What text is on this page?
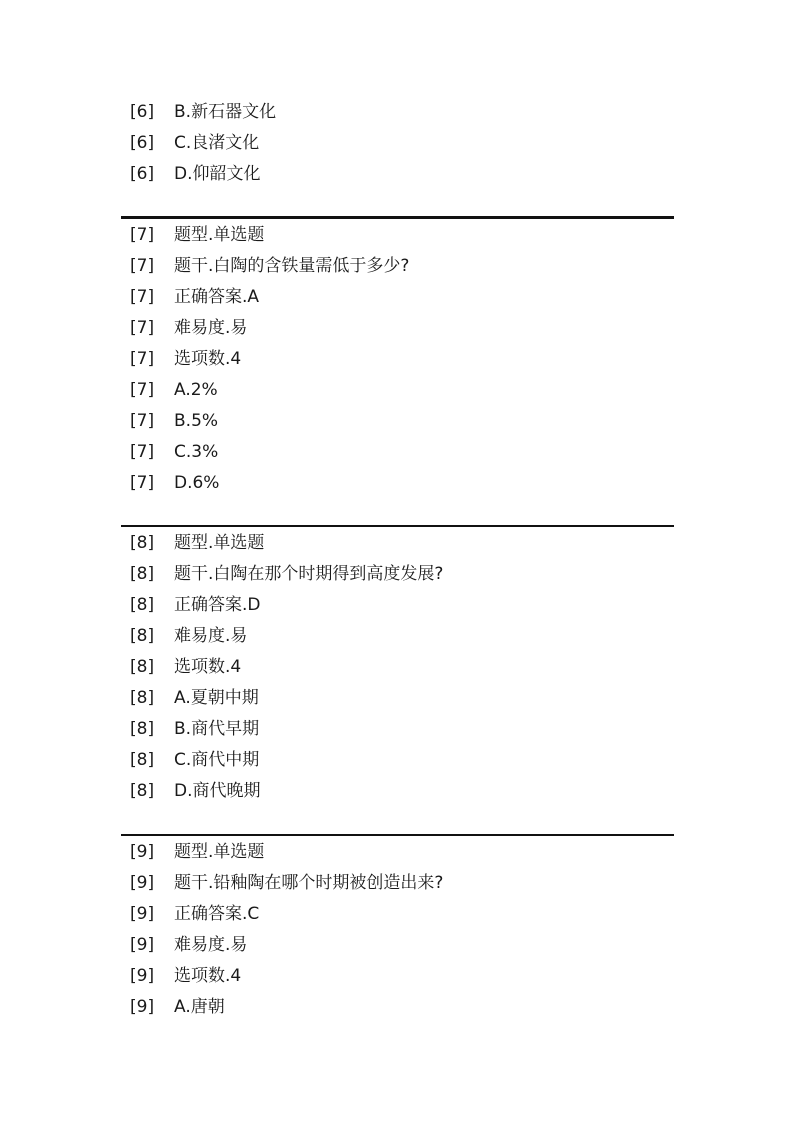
[6]	B.新石器文化
[6]	C.良渚文化
[6]	D.仰韶文化
[7]	题型.单选题
[7]	题干.白陶的含铁量需低于多少?
[7]	正确答案.A
[7]	难易度.易
[7]	选项数.4
[7]	A.2%
[7]	B.5%
[7]	C.3%
[7]	D.6%
[8]	题型.单选题
[8]	题干.白陶在那个时期得到高度发展?
[8]	正确答案.D
[8]	难易度.易
[8]	选项数.4
[8]	A.夏朝中期
[8]	B.商代早期
[8]	C.商代中期
[8]	D.商代晚期
[9]	题型.单选题
[9]	题干.铅釉陶在哪个时期被创造出来?
[9]	正确答案.C
[9]	难易度.易
[9]	选项数.4
[9]	A.唐朝
